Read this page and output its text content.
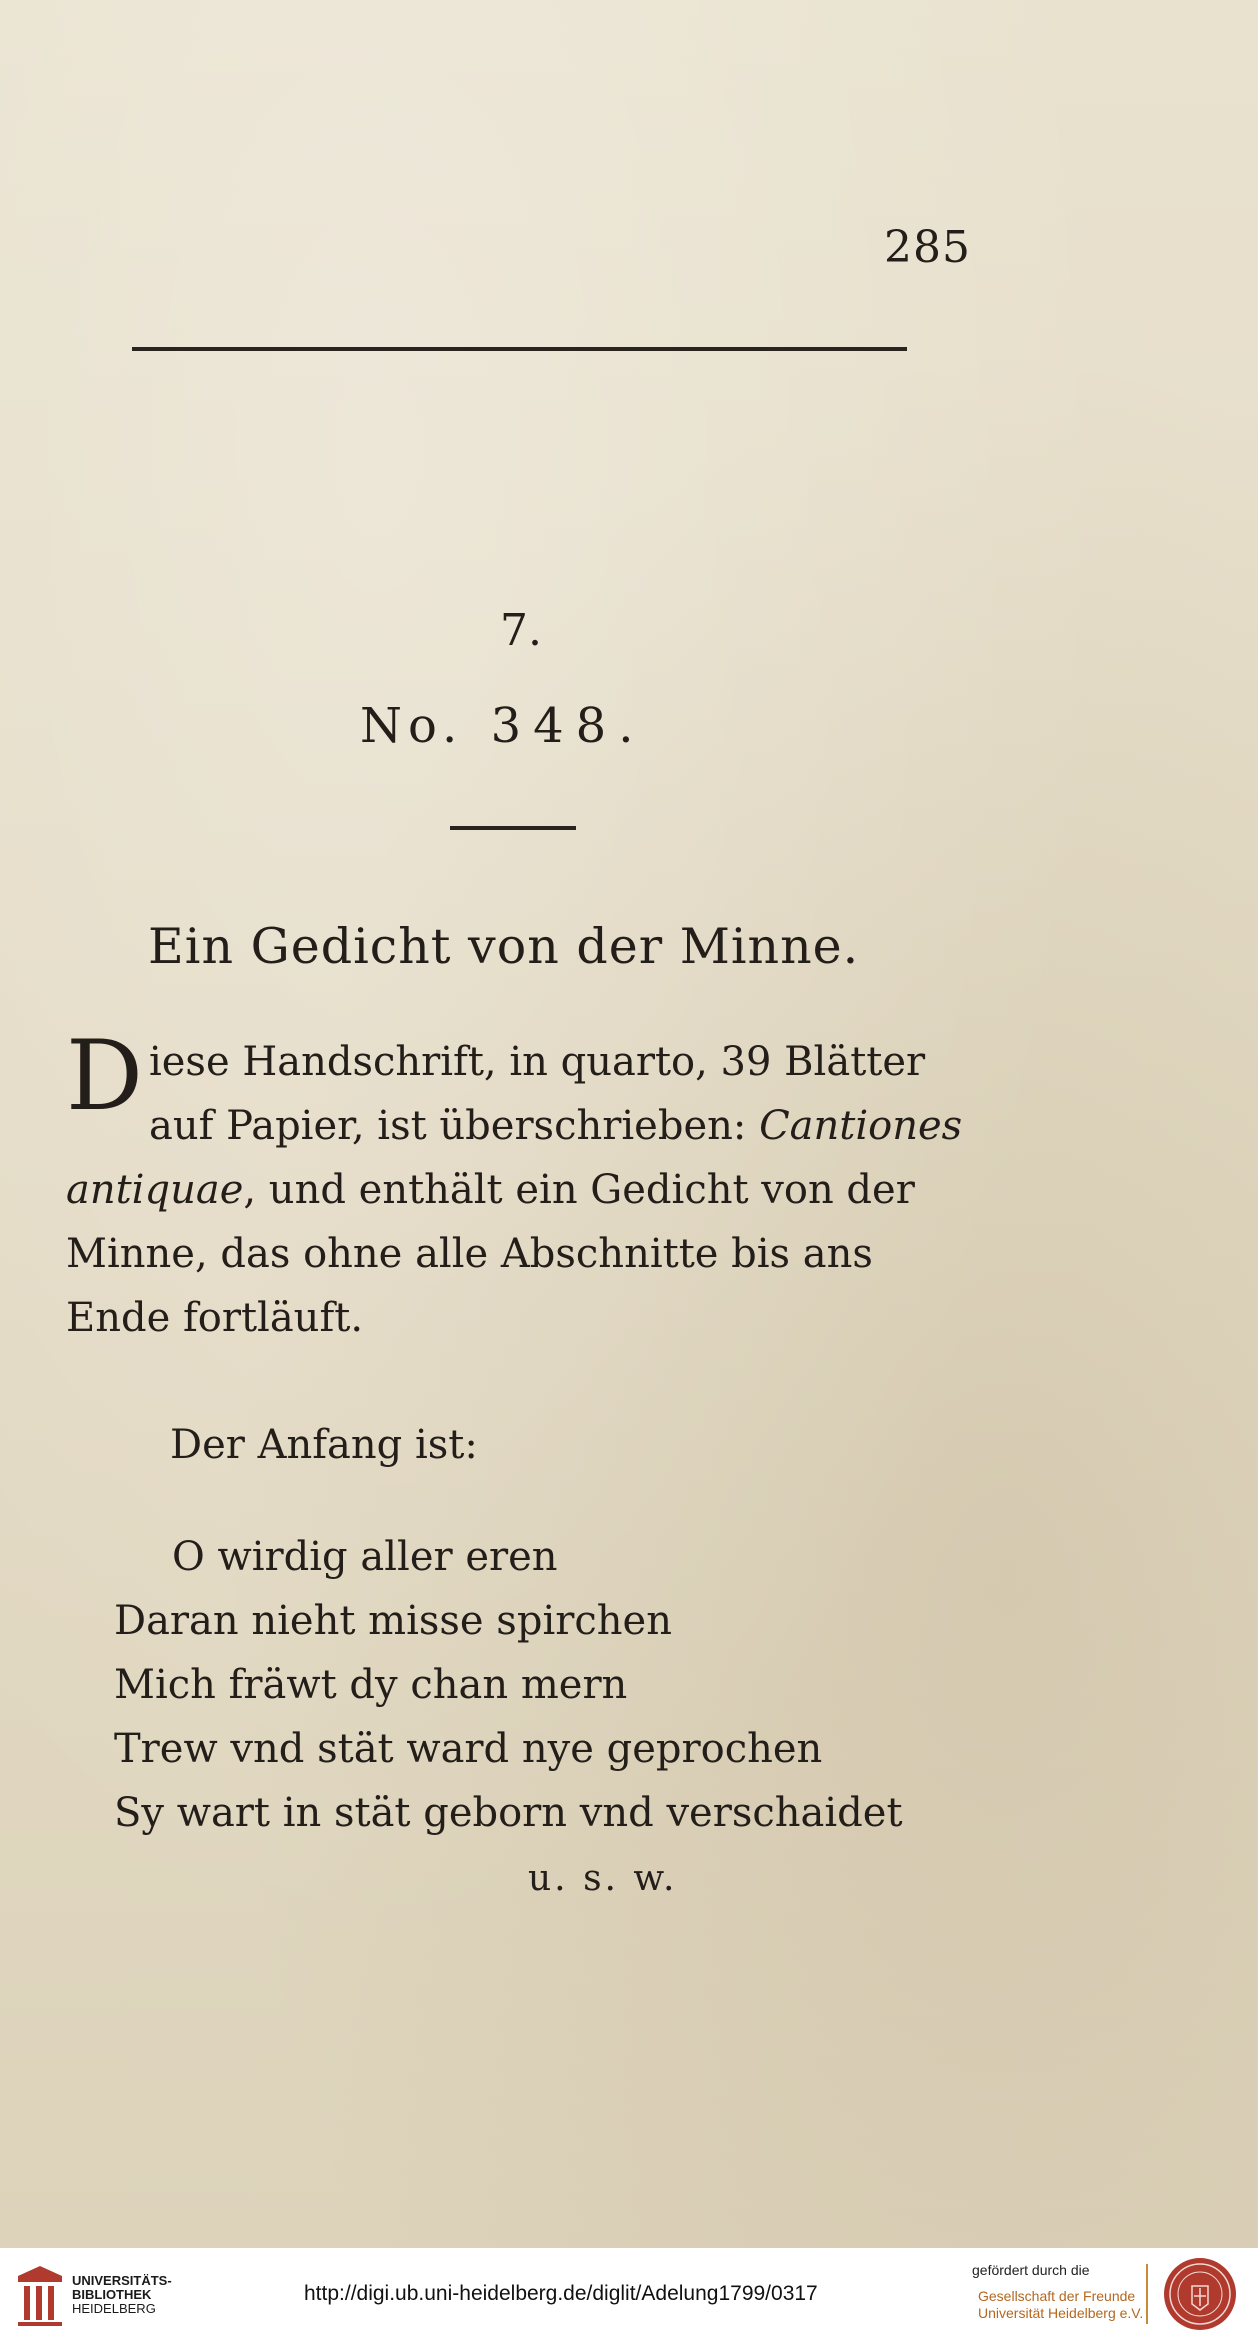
285
7.
No. 348.
Ein Gedicht von der Minne.

Diese Handschrift, in quarto, 39 Blätter auf Papier, ist überschrieben: Cantiones antiquae, und enthält ein Gedicht von der Minne, das ohne alle Abschnitte bis ans Ende fortläuft.

Der Anfang ist:
O wirdig aller eren
Daran nieht misse spirchen
Mich fräwt dy chan mern
Trew vnd stät ward nye geprochen
Sy wart in stät geborn vnd verschaidet
u. s. w.
UNIVERSITÄTS-
BIBLIOTHEK
HEIDELBERG
http://digi.ub.uni-heidelberg.de/diglit/Adelung1799/0317
gefördert durch die
Gesellschaft der Freunde
Universität Heidelberg e.V.
